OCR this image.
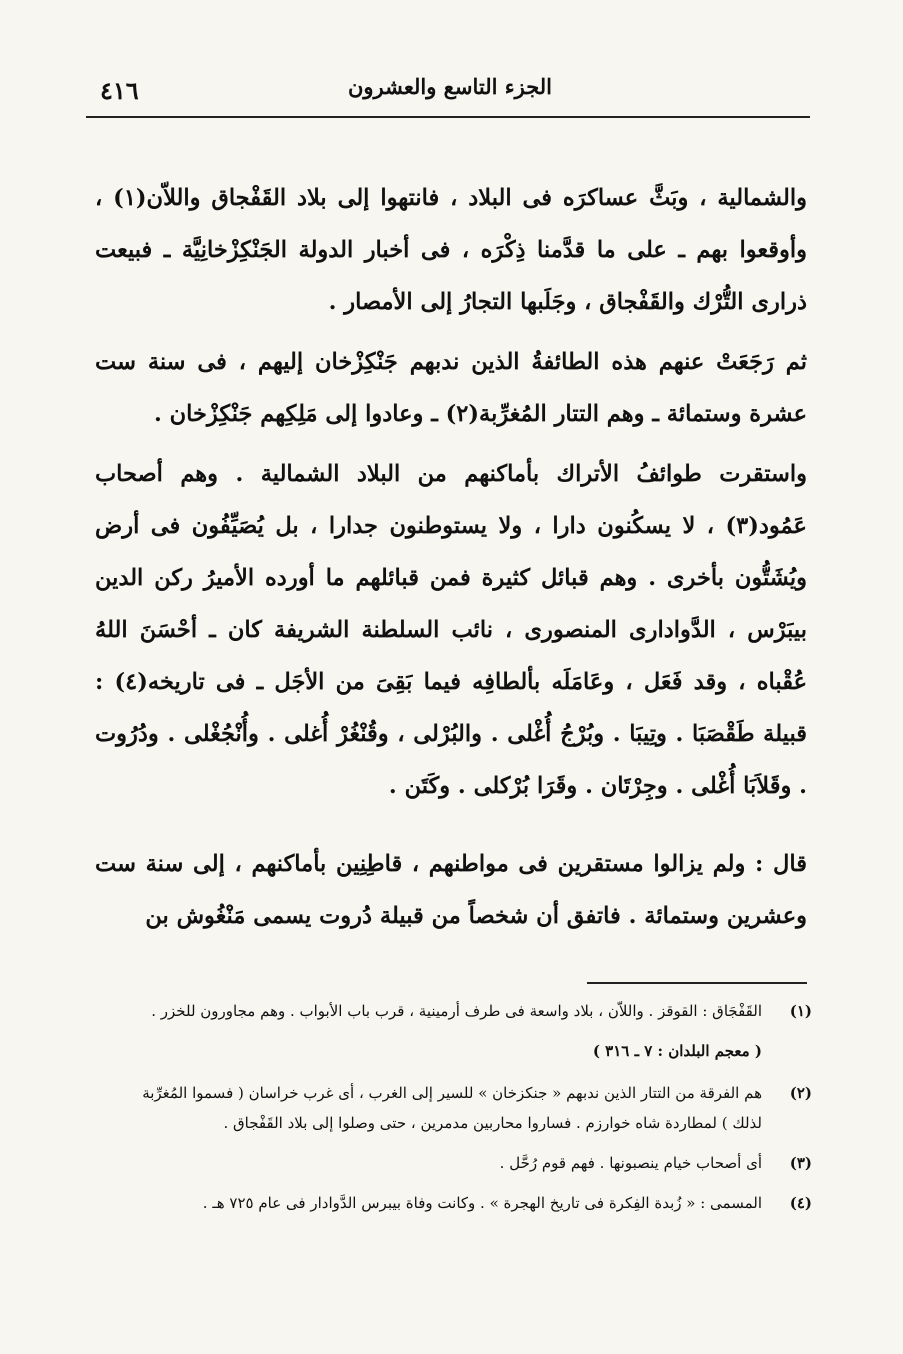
٤١٦	الجزء التاسع والعشرون

والشمالية ، وبَثَّ عساكرَه فى البلاد ، فانتهوا إلى بلاد القَفْجاق واللاّن(١) ، وأوقعوا بهم ـ على ما قدَّمنا ذِكْرَه ، فى أخبار الدولة الجَنْكِزْخانِيَّة ـ فبيعت ذرارى التُّرْك والقَفْجاق ، وجَلَبها التجارُ إلى الأمصار .

ثم رَجَعَتْ عنهم هذه الطائفةُ الذين ندبهم جَنْكِزْخان إليهم ، فى سنة ست عشرة وستمائة ـ وهم التتار المُغرِّبة(٢) ـ وعادوا إلى مَلِكِهم جَنْكِزْخان .

واستقرت طوائفُ الأتراك بأماكنهم من البلاد الشمالية . وهم أصحاب عَمُود(٣) ، لا يسكُنون دارا ، ولا يستوطنون جدارا ، بل يُصَيِّفُون فى أرض ويُشَتُّون بأخرى . وهم قبائل كثيرة فمن قبائلهم ما أورده الأميرُ ركن الدين بيبَرْس ، الدَّوادارى المنصورى ، نائب السلطنة الشريفة كان ـ أحْسَنَ اللهُ عُقْباه ، وقد فَعَل ، وعَامَلَه بألطافِه فيما بَقِىَ من الأجَل ـ فى تاريخه(٤) : قبيلة طَقْصَبَا . وتِيبَا . وبُرْجُ أُغْلى . والبُرْلى ، وقُنْغُرْ أُغلى . وأُنْجُغْلى . ودُرُوت . وقَلاَبَا أُغْلى . وجِرْتَان . وقَرَا بُرْكلى . وكَتَن .

قال : ولم يزالوا مستقرين فى مواطنهم ، قاطِنِين بأماكنهم ، إلى سنة ست وعشرين وستمائة . فاتفق أن شخصاً من قبيلة دُروت يسمى مَنْغُوش بن

(١)
القَفْجَاق : القوقز . واللاّن ، بلاد واسعة فى طرف أرمينية ، قرب باب الأبواب . وهم مجاورون للخزر .
( معجم البلدان : ٧ ـ ٣١٦ )
(٢)
هم الفرقة من التتار الذين ندبهم « جنكزخان » للسير إلى الغرب ، أى غرب خراسان ( فسموا المُغرِّبة
لذلك ) لمطاردة شاه خوارزم . فساروا محاربين مدمرين ، حتى وصلوا إلى بلاد القَفْجاق .
(٣)
أى أصحاب خيام ينصبونها . فهم قوم رُحَّل .
(٤)
المسمى : « زُبدة الفِكرة فى تاريخ الهجرة » . وكانت وفاة بيبرس الدَّوادار فى عام ٧٢٥ هـ .
